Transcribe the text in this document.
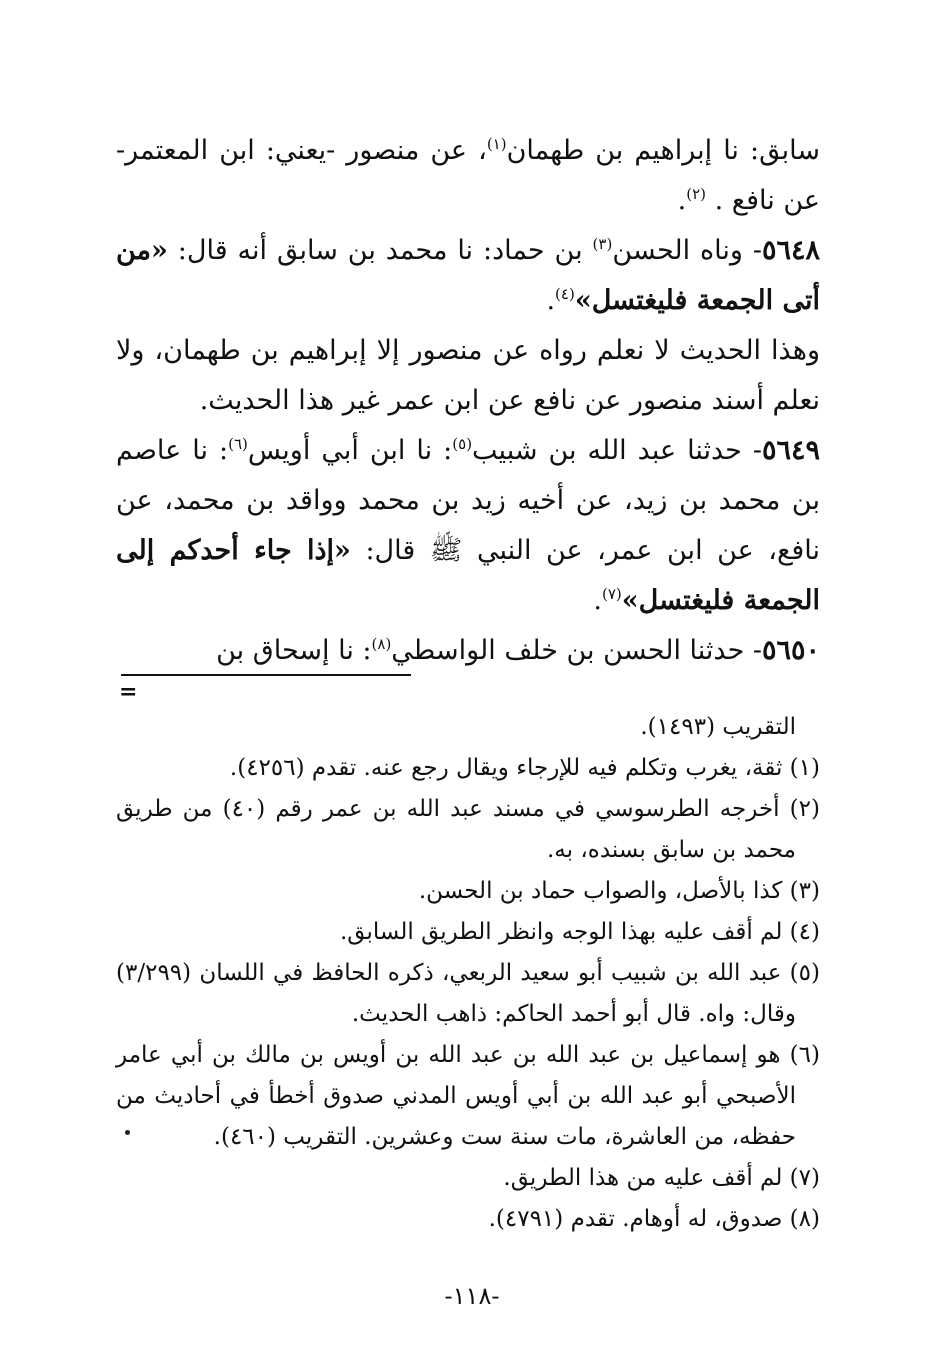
سابق: نا إبراهيم بن طهمان$^{(١)}$، عن منصور -يعني: ابن المعتمر- عن نافع . $^{(٢)}$.

٥٦٤٨- وناه الحسن$^{(٣)}$ بن حماد: نا محمد بن سابق أنه قال: «من أتى الجمعة فليغتسل»$^{(٤)}$.

وهذا الحديث لا نعلم رواه عن منصور إلا إبراهيم بن طهمان، ولا نعلم أسند منصور عن نافع عن ابن عمر غير هذا الحديث.

٥٦٤٩- حدثنا عبد الله بن شبيب$^{(٥)}$: نا ابن أبي أويس$^{(٦)}$: نا عاصم بن محمد بن زيد، عن أخيه زيد بن محمد وواقد بن محمد، عن نافع، عن ابن عمر، عن النبي ﷺ قال: «إذا جاء أحدكم إلى الجمعة فليغتسل»$^{(٧)}$.

٥٦٥٠- حدثنا الحسن بن خلف الواسطي$^{(٨)}$: نا إسحاق بن

=

التقريب (١٤٩٣).

(١) ثقة، يغرب وتكلم فيه للإرجاء ويقال رجع عنه. تقدم (٤٢٥٦).

(٢) أخرجه الطرسوسي في مسند عبد الله بن عمر رقم (٤٠) من طريق محمد بن سابق بسنده، به.

(٣) كذا بالأصل، والصواب حماد بن الحسن.

(٤) لم أقف عليه بهذا الوجه وانظر الطريق السابق.

(٥) عبد الله بن شبيب أبو سعيد الربعي، ذكره الحافظ في اللسان (٣/٢٩٩) وقال: واه. قال أبو أحمد الحاكم: ذاهب الحديث.

(٦) هو إسماعيل بن عبد الله بن عبد الله بن أويس بن مالك بن أبي عامر الأصبحي أبو عبد الله بن أبي أويس المدني صدوق أخطأ في أحاديث من حفظه، من العاشرة، مات سنة ست وعشرين. التقريب (٤٦٠).

(٧) لم أقف عليه من هذا الطريق.

(٨) صدوق، له أوهام. تقدم (٤٧٩١).

-١١٨-
